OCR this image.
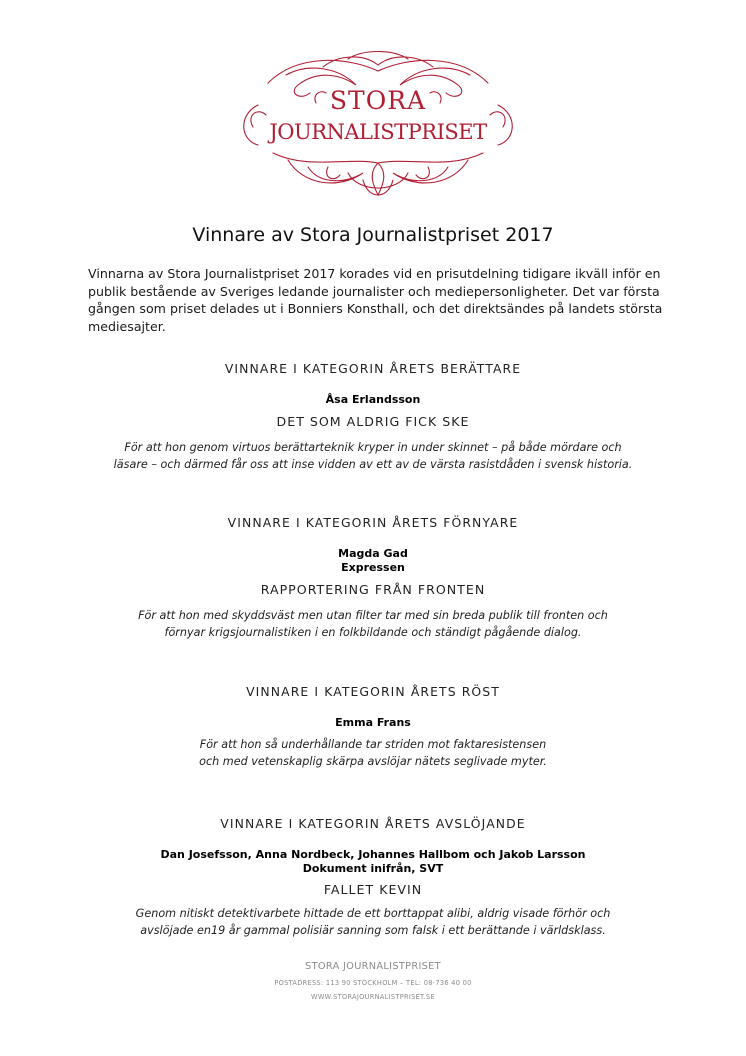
STORA
JOURNALISTPRISET
Vinnare av Stora Journalistpriset 2017
Vinnarna av Stora Journalistpriset 2017 korades vid en prisutdelning tidigare ikväll inför en
publik bestående av Sveriges ledande journalister och mediepersonligheter. Det var första
gången som priset delades ut i Bonniers Konsthall, och det direktsändes på landets största
mediesajter.
VINNARE I KATEGORIN ÅRETS BERÄTTARE
Åsa Erlandsson
DET SOM ALDRIG FICK SKE
För att hon genom virtuos berättarteknik kryper in under skinnet – på både mördare och
läsare – och därmed får oss att inse vidden av ett av de värsta rasistdåden i svensk historia.
VINNARE I KATEGORIN ÅRETS FÖRNYARE
Magda Gad
Expressen
RAPPORTERING FRÅN FRONTEN
För att hon med skyddsväst men utan filter tar med sin breda publik till fronten och
förnyar krigsjournalistiken i en folkbildande och ständigt pågående dialog.
VINNARE I KATEGORIN ÅRETS RÖST
Emma Frans
För att hon så underhållande tar striden mot faktaresistensen
och med vetenskaplig skärpa avslöjar nätets seglivade myter.
VINNARE I KATEGORIN ÅRETS AVSLÖJANDE
Dan Josefsson, Anna Nordbeck, Johannes Hallbom och Jakob Larsson
Dokument inifrån, SVT
FALLET KEVIN
Genom nitiskt detektivarbete hittade de ett borttappat alibi, aldrig visade förhör och
avslöjade en19 år gammal polisiär sanning som falsk i ett berättande i världsklass.
STORA JOURNALISTPRISET
POSTADRESS: 113 90 STOCKHOLM – TEL: 08-736 40 00
WWW.STORAJOURNALISTPRISET.SE
